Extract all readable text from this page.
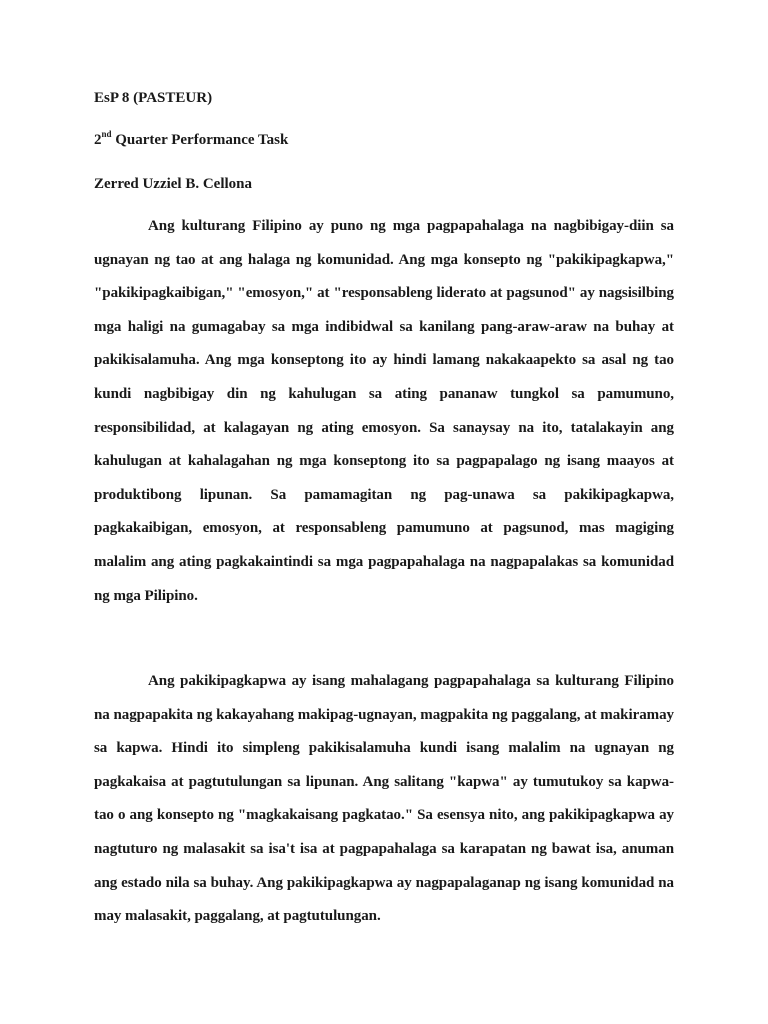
EsP 8 (PASTEUR)
2nd Quarter Performance Task
Zerred Uzziel B. Cellona

Ang kulturang Filipino ay puno ng mga pagpapahalaga na nagbibigay-diin sa ugnayan ng tao at ang halaga ng komunidad. Ang mga konsepto ng "pakikipagkapwa," "pakikipagkaibigan," "emosyon," at "responsableng liderato at pagsunod" ay nagsisilbing mga haligi na gumagabay sa mga indibidwal sa kanilang pang-araw-araw na buhay at pakikisalamuha. Ang mga konseptong ito ay hindi lamang nakakaapekto sa asal ng tao kundi nagbibigay din ng kahulugan sa ating pananaw tungkol sa pamumuno, responsibilidad, at kalagayan ng ating emosyon. Sa sanaysay na ito, tatalakayin ang kahulugan at kahalagahan ng mga konseptong ito sa pagpapalago ng isang maayos at produktibong lipunan. Sa pamamagitan ng pag-unawa sa pakikipagkapwa, pagkakaibigan, emosyon, at responsableng pamumuno at pagsunod, mas magiging malalim ang ating pagkakaintindi sa mga pagpapahalaga na nagpapalakas sa komunidad ng mga Pilipino.

Ang pakikipagkapwa ay isang mahalagang pagpapahalaga sa kulturang Filipino na nagpapakita ng kakayahang makipag-ugnayan, magpakita ng paggalang, at makiramay sa kapwa. Hindi ito simpleng pakikisalamuha kundi isang malalim na ugnayan ng pagkakaisa at pagtutulungan sa lipunan. Ang salitang "kapwa" ay tumutukoy sa kapwa-tao o ang konsepto ng "magkakaisang pagkatao." Sa esensya nito, ang pakikipagkapwa ay nagtuturo ng malasakit sa isa't isa at pagpapahalaga sa karapatan ng bawat isa, anuman ang estado nila sa buhay. Ang pakikipagkapwa ay nagpapalaganap ng isang komunidad na may malasakit, paggalang, at pagtutulungan.
